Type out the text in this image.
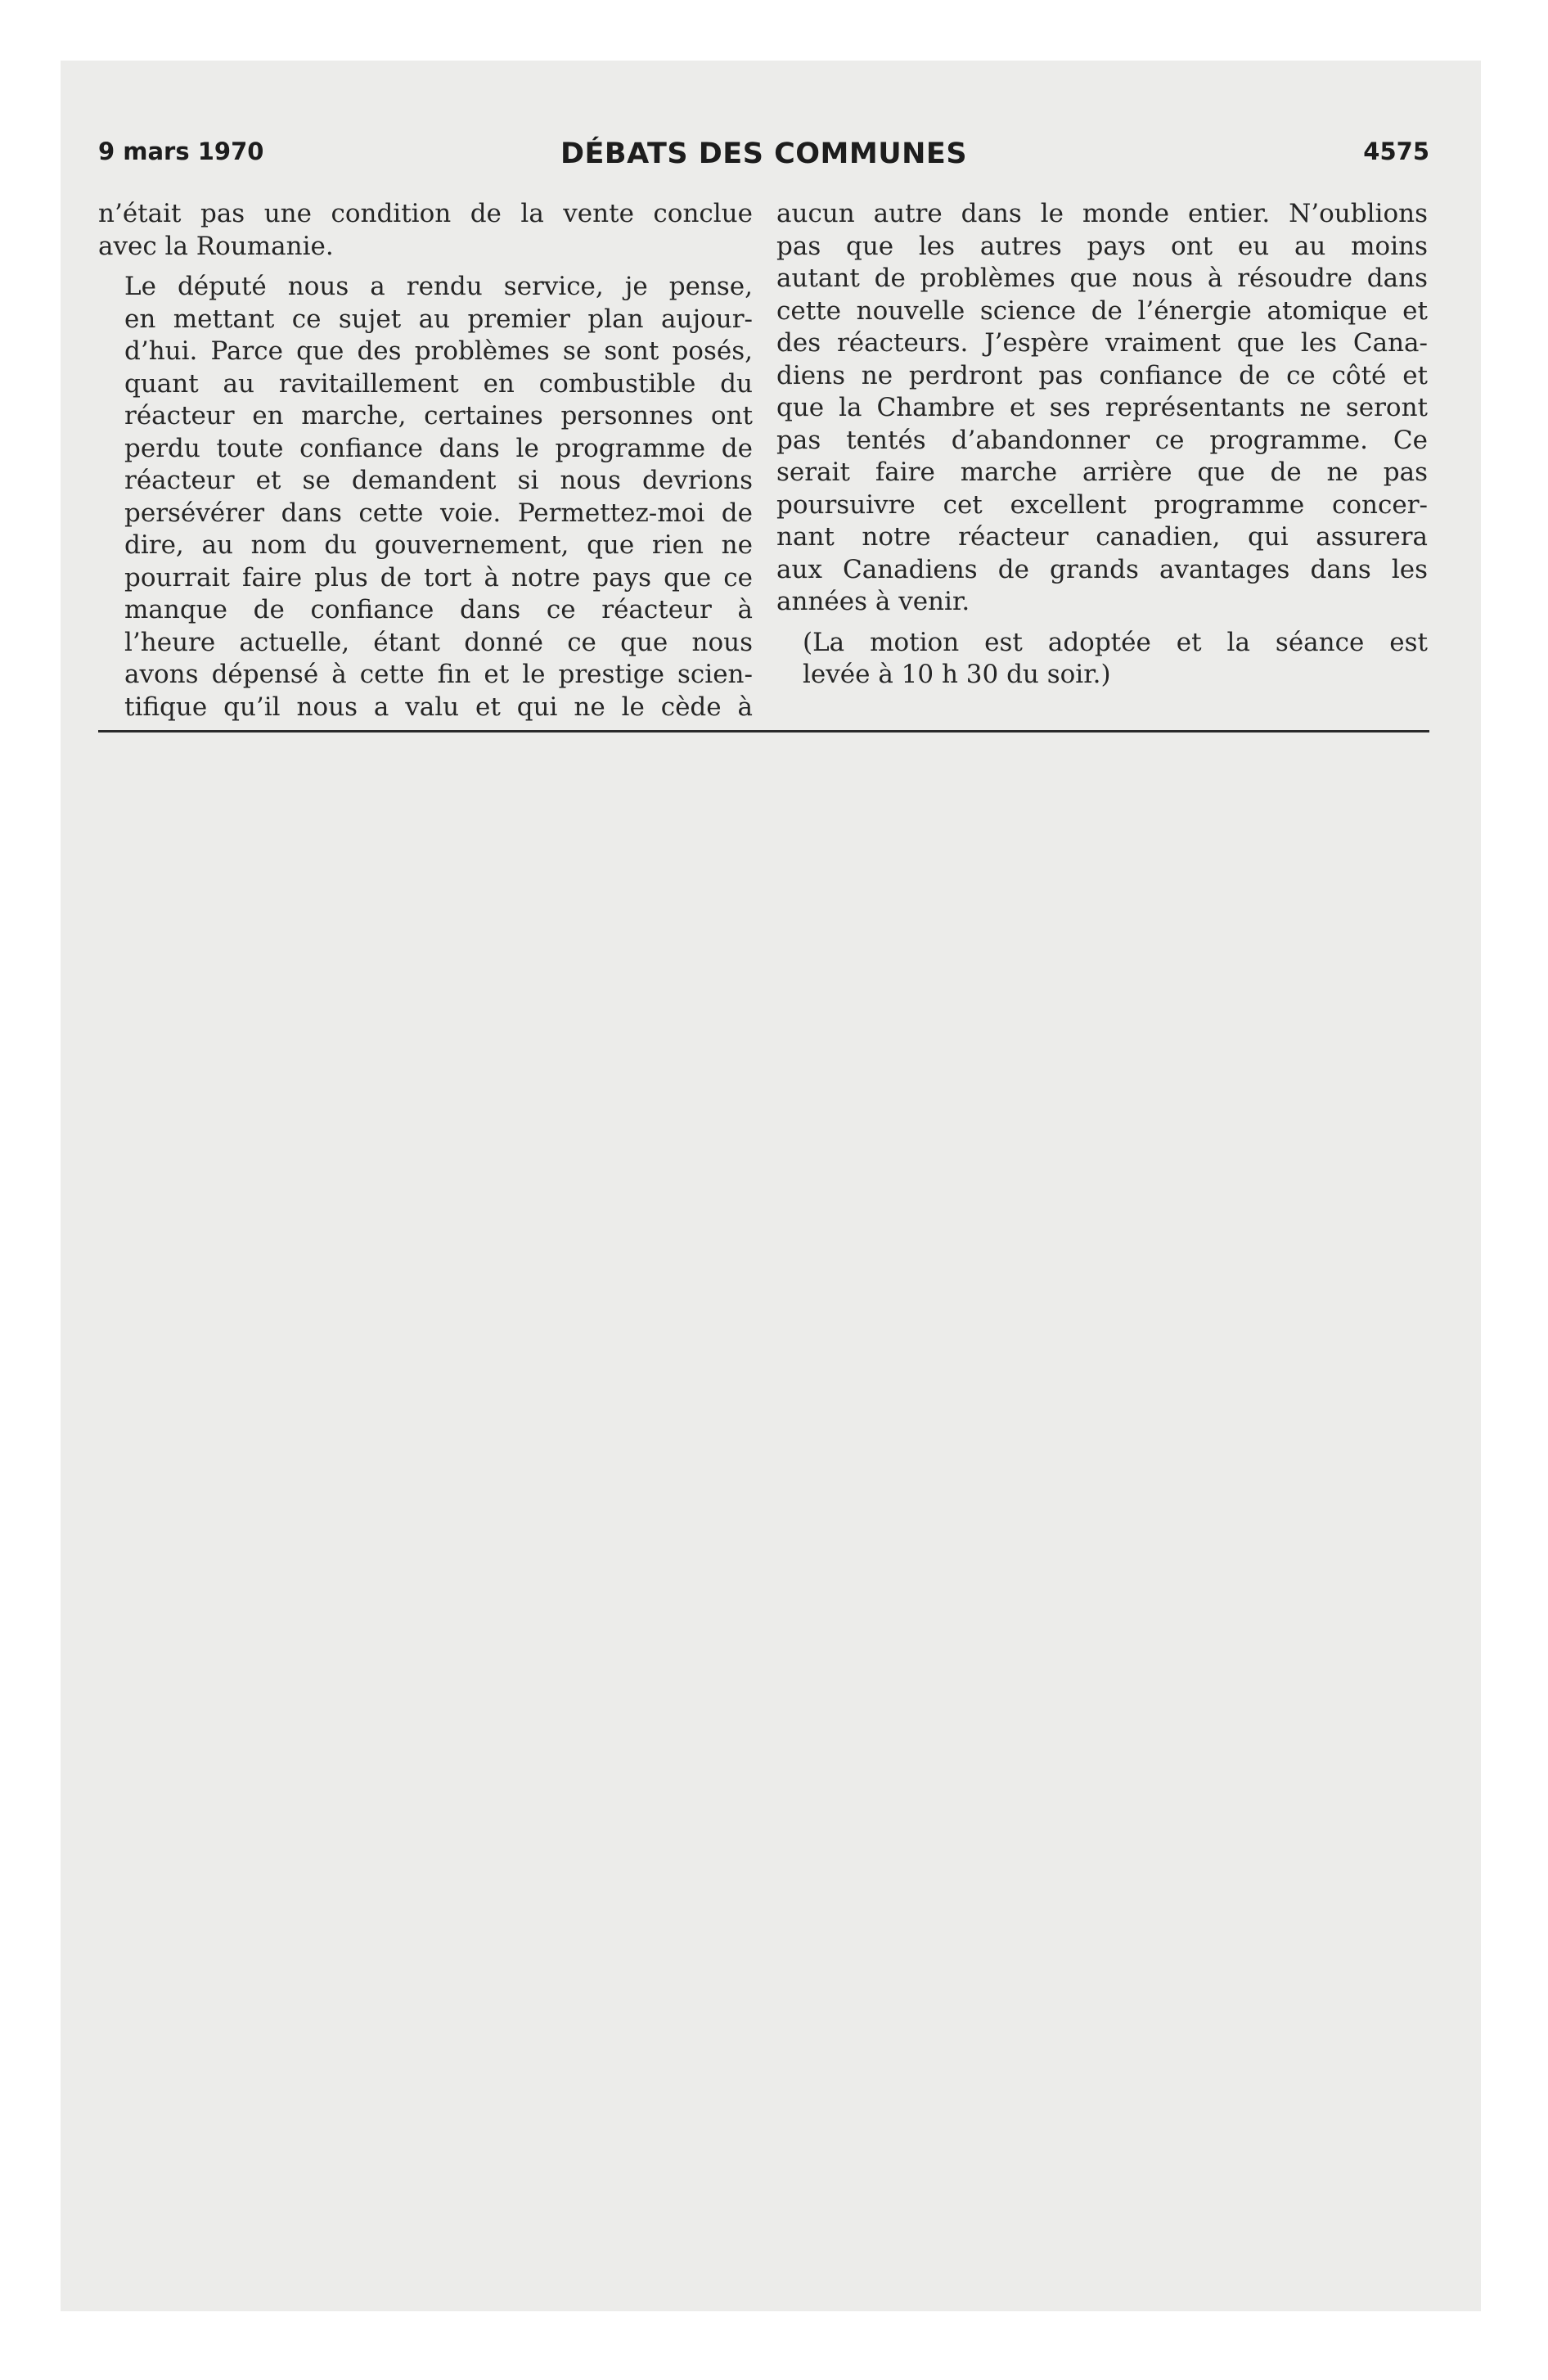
9 mars 1970	DÉBATS DES COMMUNES	4575

n’était pas une condition de la vente conclue
avec la Roumanie.

Le député nous a rendu service, je pense,
en mettant ce sujet au premier plan aujour-
d’hui. Parce que des problèmes se sont posés,
quant au ravitaillement en combustible du
réacteur en marche, certaines personnes ont
perdu toute confiance dans le programme de
réacteur et se demandent si nous devrions
persévérer dans cette voie. Permettez-moi de
dire, au nom du gouvernement, que rien ne
pourrait faire plus de tort à notre pays que ce
manque de confiance dans ce réacteur à
l’heure actuelle, étant donné ce que nous
avons dépensé à cette fin et le prestige scien-
tifique qu’il nous a valu et qui ne le cède à

aucun autre dans le monde entier. N’oublions
pas que les autres pays ont eu au moins
autant de problèmes que nous à résoudre dans
cette nouvelle science de l’énergie atomique et
des réacteurs. J’espère vraiment que les Cana-
diens ne perdront pas confiance de ce côté et
que la Chambre et ses représentants ne seront
pas tentés d’abandonner ce programme. Ce
serait faire marche arrière que de ne pas
poursuivre cet excellent programme concer-
nant notre réacteur canadien, qui assurera
aux Canadiens de grands avantages dans les
années à venir.

(La motion est adoptée et la séance est
levée à 10 h 30 du soir.)
